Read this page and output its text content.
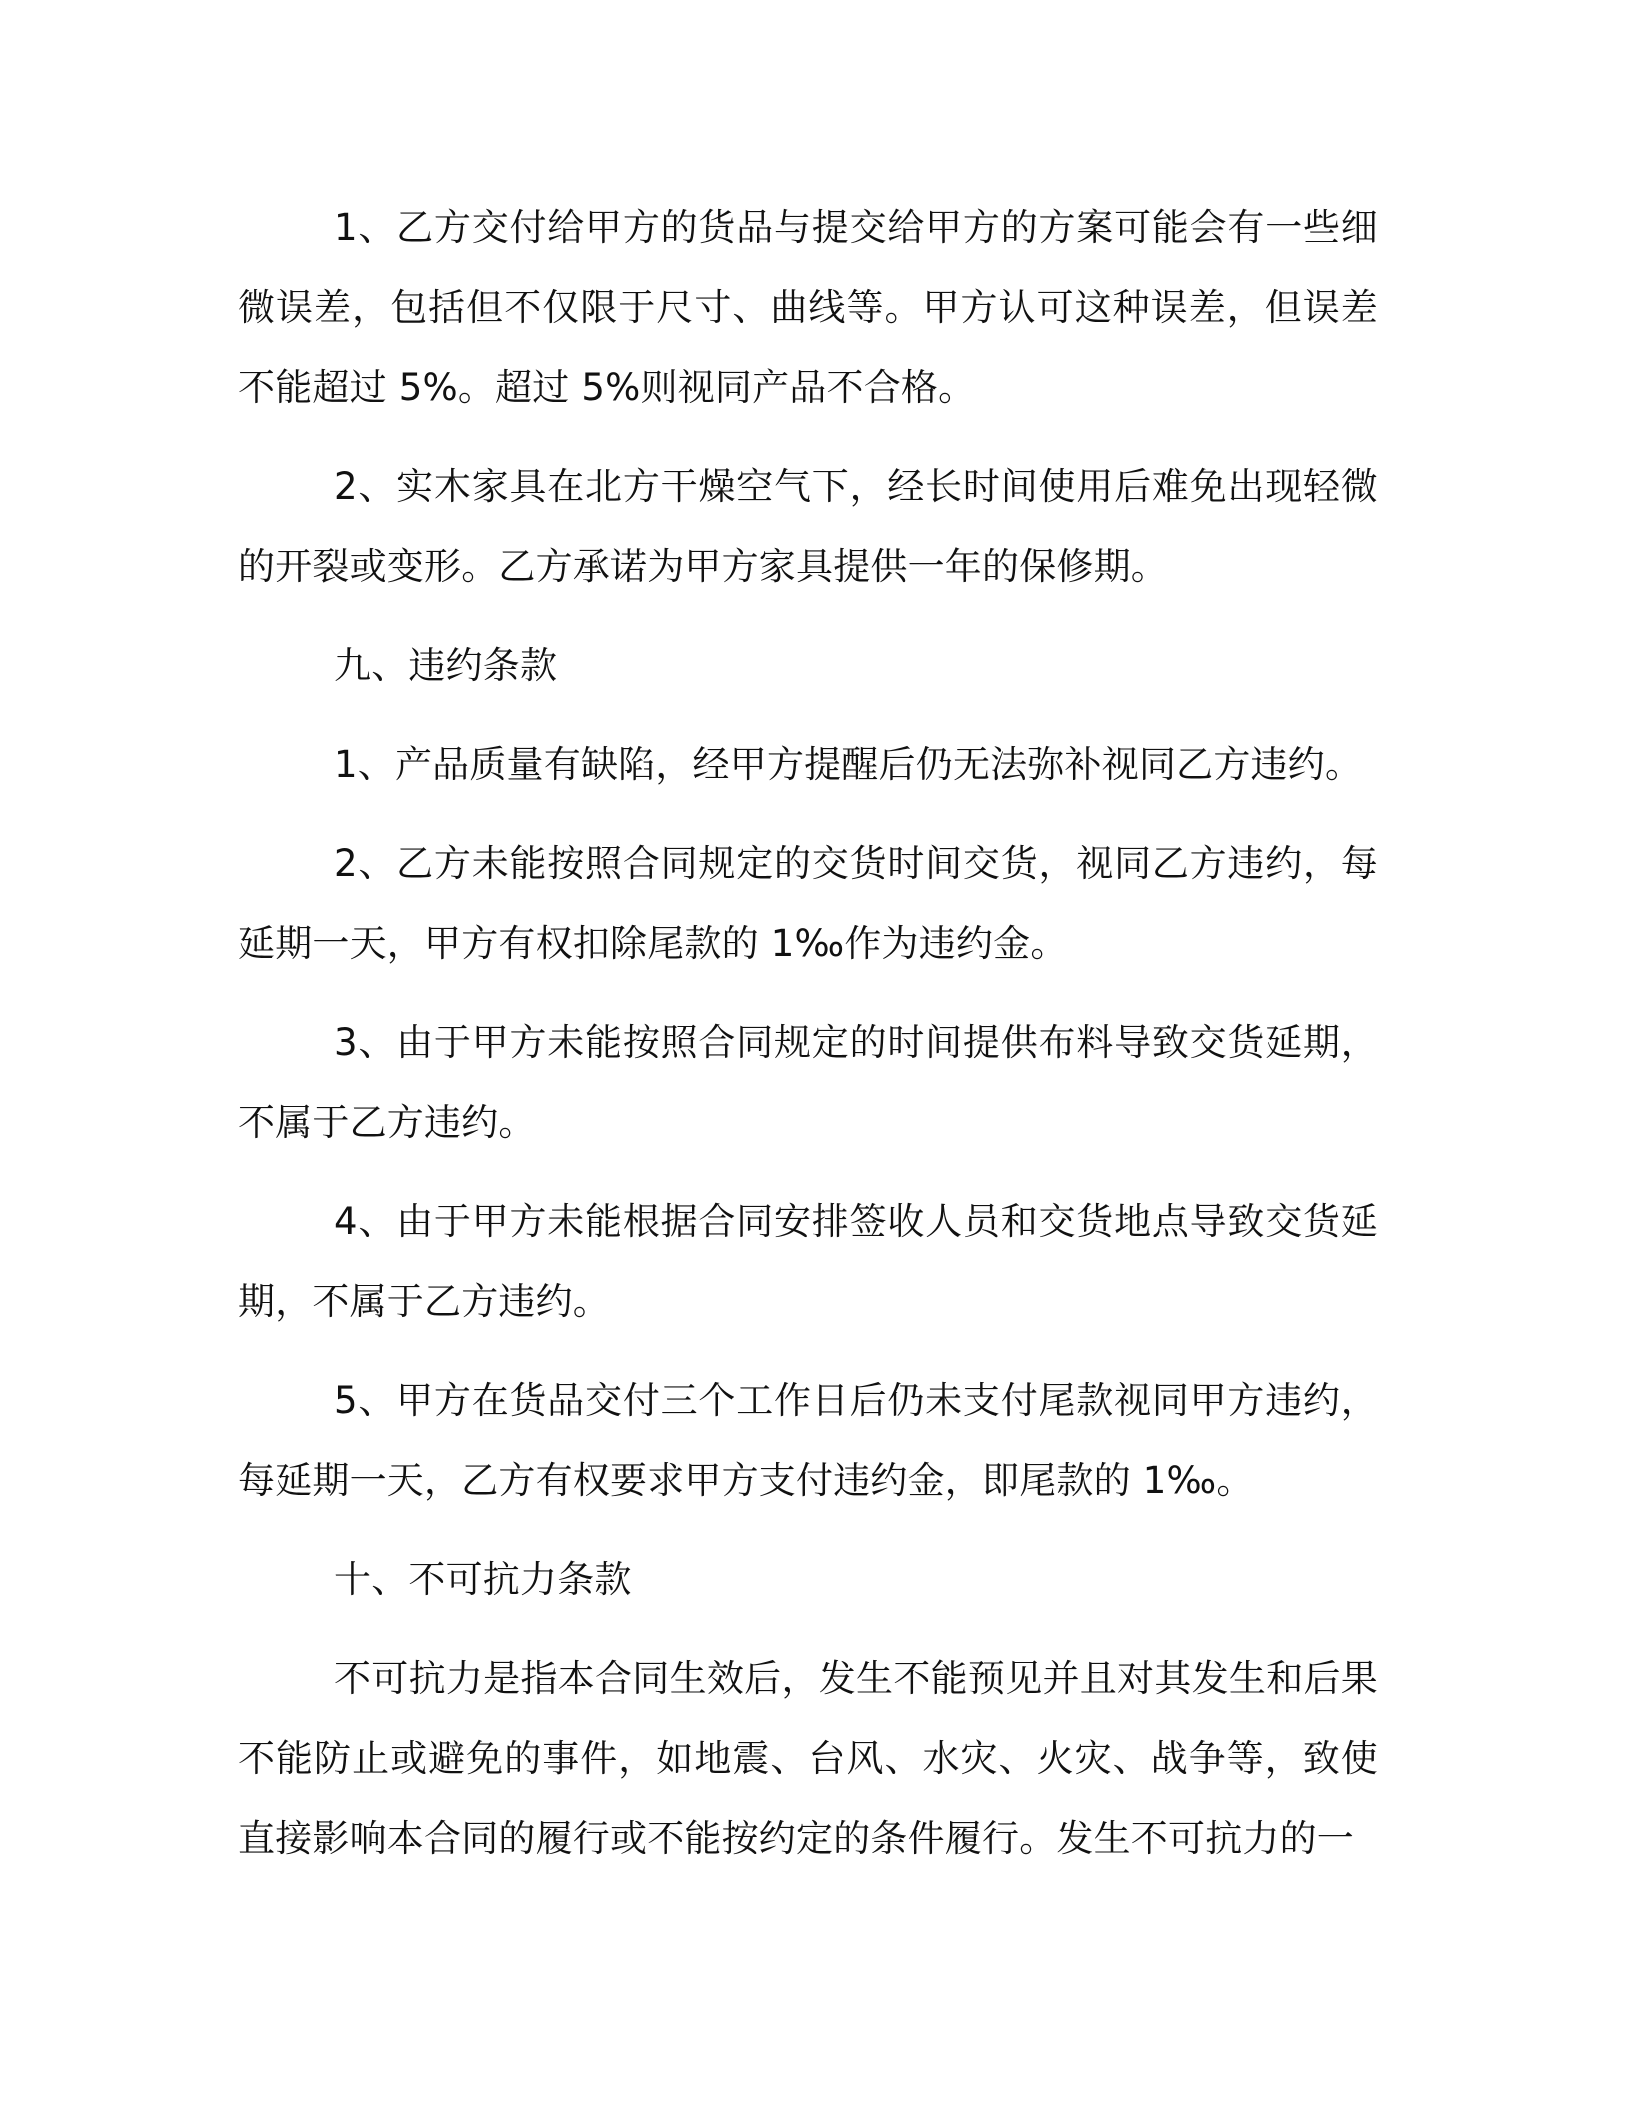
1、乙方交付给甲方的货品与提交给甲方的方案可能会有一些细微误差，包括但不仅限于尺寸、曲线等。甲方认可这种误差，但误差不能超过 5%。超过 5%则视同产品不合格。

2、实木家具在北方干燥空气下，经长时间使用后难免出现轻微的开裂或变形。乙方承诺为甲方家具提供一年的保修期。

九、违约条款

1、产品质量有缺陷，经甲方提醒后仍无法弥补视同乙方违约。

2、乙方未能按照合同规定的交货时间交货，视同乙方违约，每延期一天，甲方有权扣除尾款的 1‰作为违约金。

3、由于甲方未能按照合同规定的时间提供布料导致交货延期，不属于乙方违约。

4、由于甲方未能根据合同安排签收人员和交货地点导致交货延期，不属于乙方违约。

5、甲方在货品交付三个工作日后仍未支付尾款视同甲方违约，每延期一天，乙方有权要求甲方支付违约金，即尾款的 1‰。

十、不可抗力条款

不可抗力是指本合同生效后，发生不能预见并且对其发生和后果不能防止或避免的事件，如地震、台风、水灾、火灾、战争等，致使直接影响本合同的履行或不能按约定的条件履行。发生不可抗力的一
